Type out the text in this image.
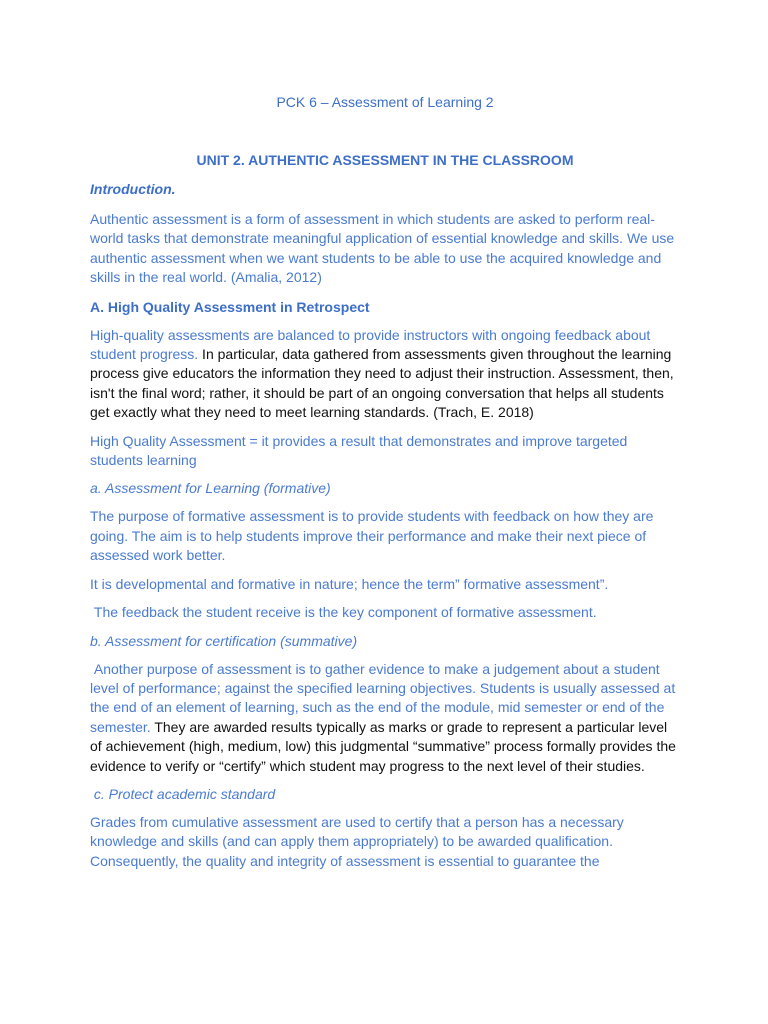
PCK 6 – Assessment of Learning 2

UNIT 2. AUTHENTIC ASSESSMENT IN THE CLASSROOM

Introduction.

Authentic assessment is a form of assessment in which students are asked to perform real-world tasks that demonstrate meaningful application of essential knowledge and skills. We use authentic assessment when we want students to be able to use the acquired knowledge and skills in the real world. (Amalia, 2012)

A. High Quality Assessment in Retrospect

High-quality assessments are balanced to provide instructors with ongoing feedback about student progress. In particular, data gathered from assessments given throughout the learning process give educators the information they need to adjust their instruction. Assessment, then, isn't the final word; rather, it should be part of an ongoing conversation that helps all students get exactly what they need to meet learning standards. (Trach, E. 2018)

High Quality Assessment = it provides a result that demonstrates and improve targeted students learning

a. Assessment for Learning (formative)

The purpose of formative assessment is to provide students with feedback on how they are going. The aim is to help students improve their performance and make their next piece of assessed work better.

It is developmental and formative in nature; hence the term” formative assessment”.

The feedback the student receive is the key component of formative assessment.

b. Assessment for certification (summative)

Another purpose of assessment is to gather evidence to make a judgement about a student level of performance; against the specified learning objectives. Students is usually assessed at the end of an element of learning, such as the end of the module, mid semester or end of the semester. They are awarded results typically as marks or grade to represent a particular level of achievement (high, medium, low) this judgmental “summative” process formally provides the evidence to verify or “certify” which student may progress to the next level of their studies.

c. Protect academic standard

Grades from cumulative assessment are used to certify that a person has a necessary knowledge and skills (and can apply them appropriately) to be awarded qualification. Consequently, the quality and integrity of assessment is essential to guarantee the
